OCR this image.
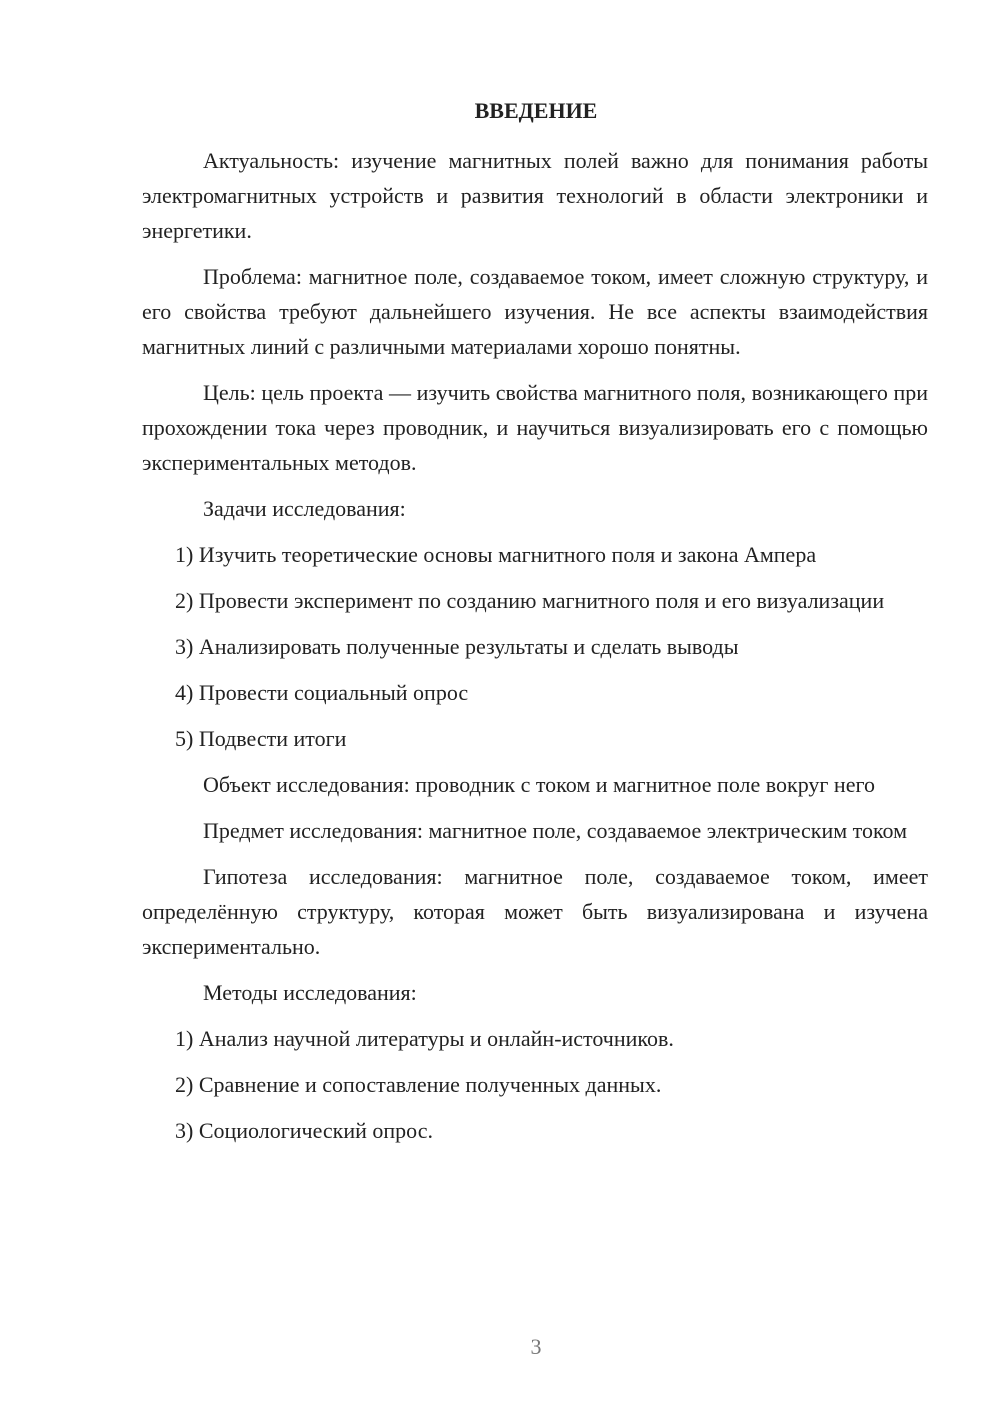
ВВЕДЕНИЕ

Актуальность: изучение магнитных полей важно для понимания работы электромагнитных устройств и развития технологий в области электроники и энергетики.

Проблема: магнитное поле, создаваемое током, имеет сложную структуру, и его свойства требуют дальнейшего изучения. Не все аспекты взаимодействия магнитных линий с различными материалами хорошо понятны.

Цель: цель проекта — изучить свойства магнитного поля, возникающего при прохождении тока через проводник, и научиться визуализировать его с помощью экспериментальных методов.

Задачи исследования:

1) Изучить теоретические основы магнитного поля и закона Ампера

2) Провести эксперимент по созданию магнитного поля и его визуализации

3) Анализировать полученные результаты и сделать выводы

4) Провести социальный опрос

5) Подвести итоги

Объект исследования: проводник с током и магнитное поле вокруг него

Предмет исследования: магнитное поле, создаваемое электрическим током

Гипотеза исследования: магнитное поле, создаваемое током, имеет определённую структуру, которая может быть визуализирована и изучена экспериментально.

Методы исследования:

1) Анализ научной литературы и онлайн-источников.

2) Сравнение и сопоставление полученных данных.

3) Социологический опрос.

3
